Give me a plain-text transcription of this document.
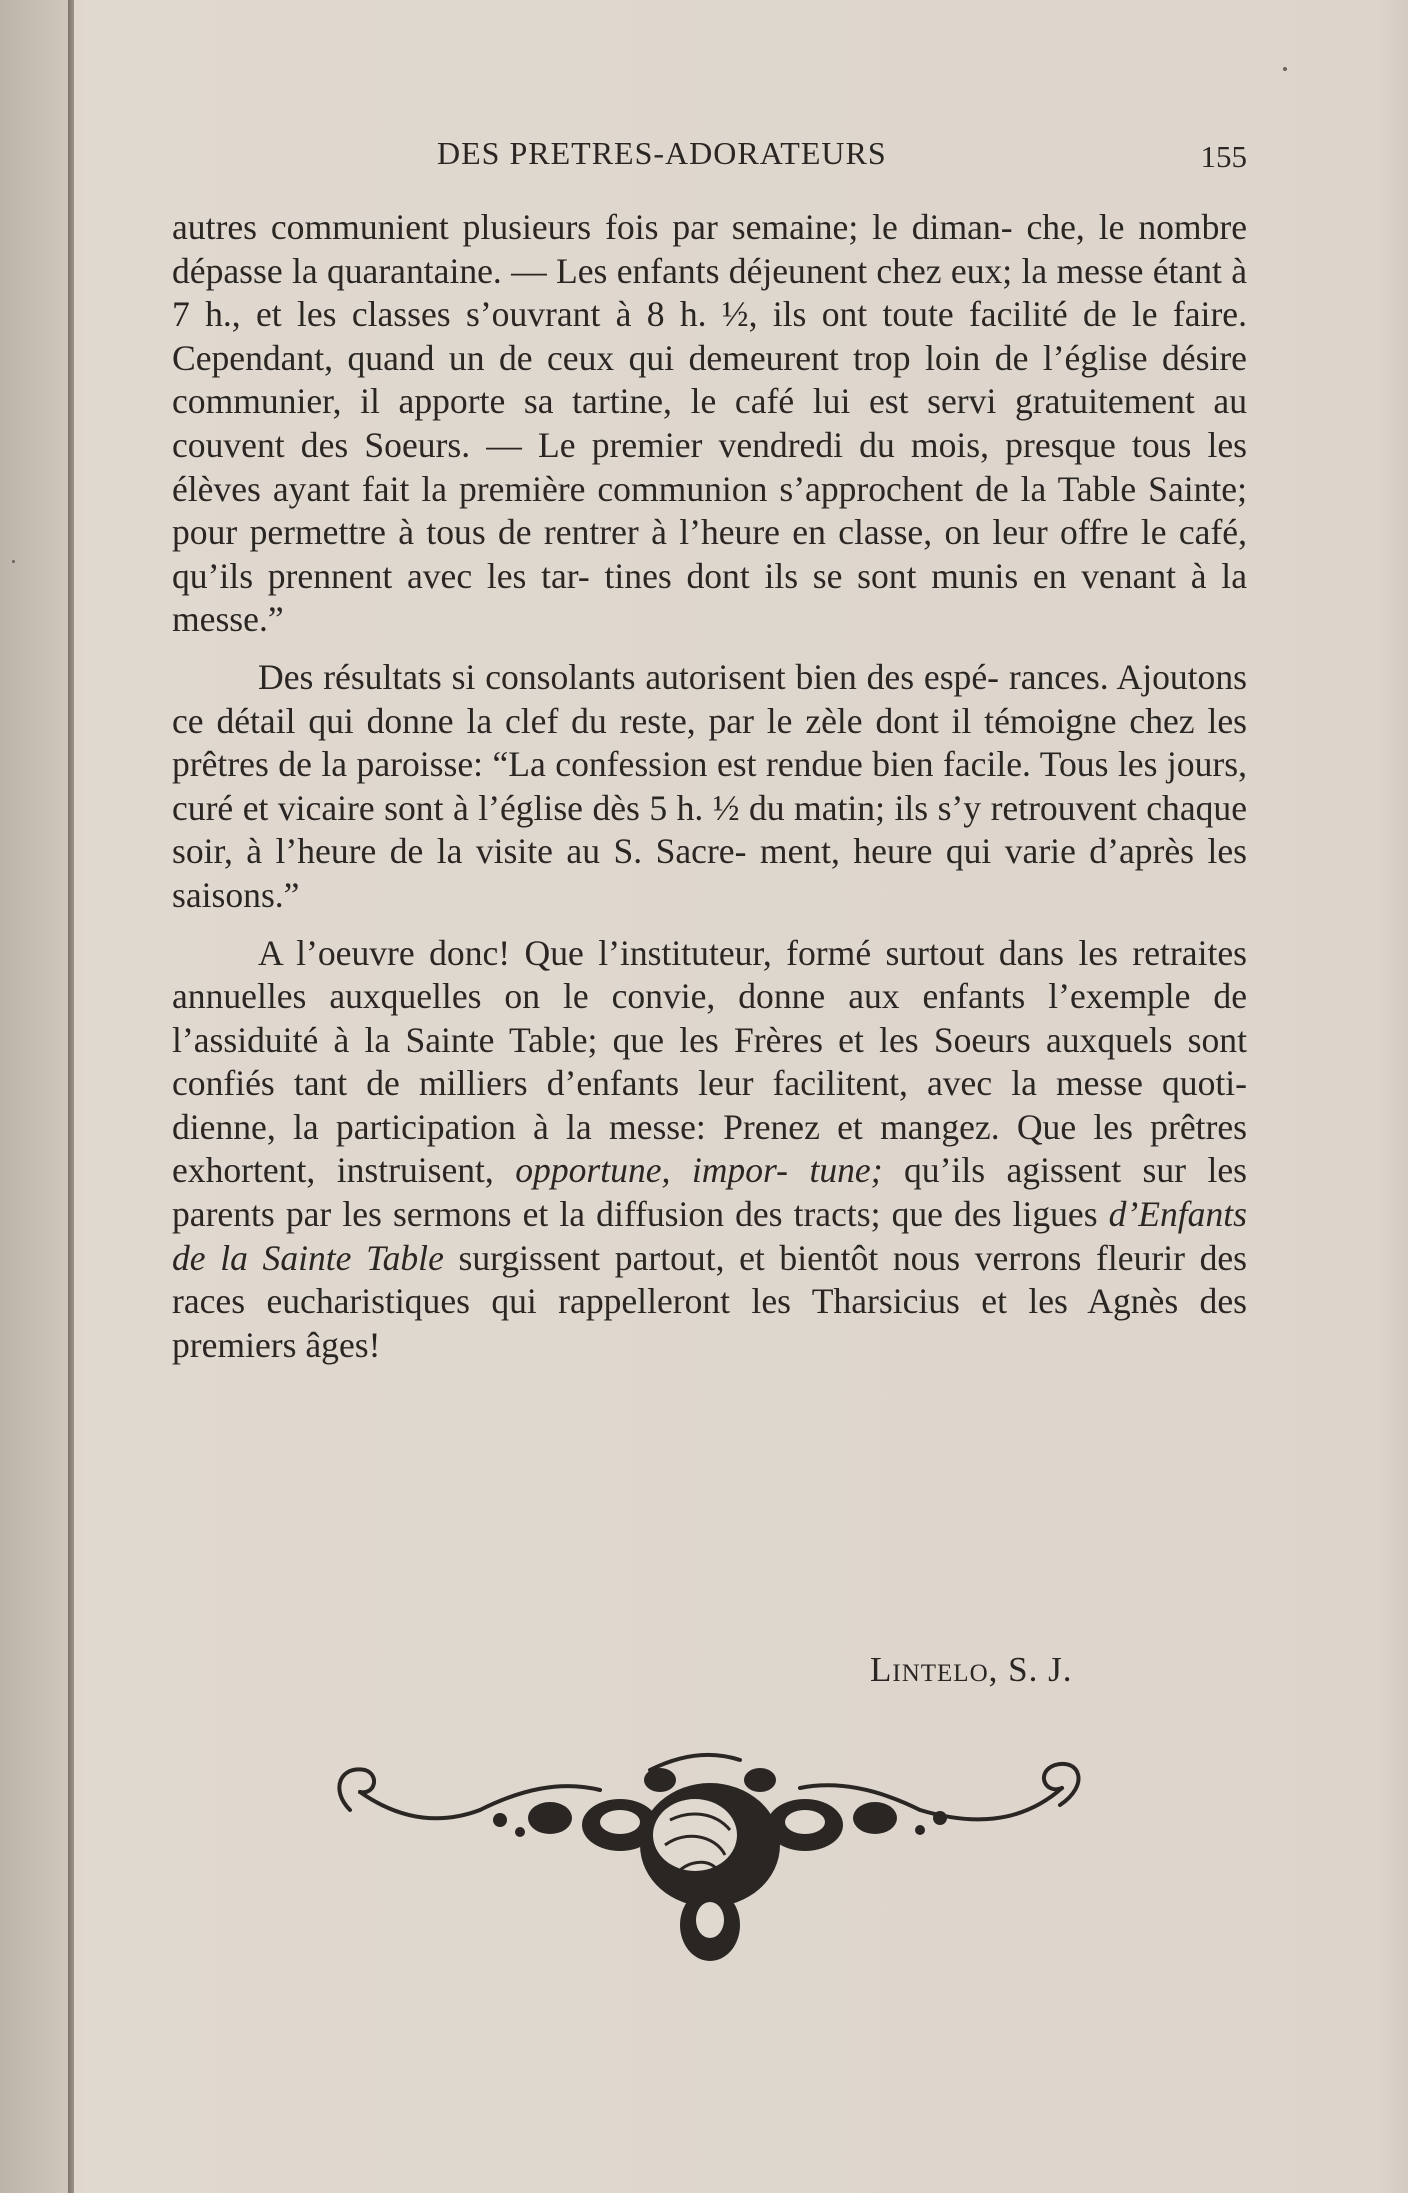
DES PRETRES-ADORATEURS	155

autres communient plusieurs fois par semaine; le diman- che, le nombre dépasse la quarantaine. — Les enfants déjeunent chez eux; la messe étant à 7 h., et les classes s’ouvrant à 8 h. ½, ils ont toute facilité de le faire. Cependant, quand un de ceux qui demeurent trop loin de l’église désire communier, il apporte sa tartine, le café lui est servi gratuitement au couvent des Soeurs. — Le premier vendredi du mois, presque tous les élèves ayant fait la première communion s’approchent de la Table Sainte; pour permettre à tous de rentrer à l’heure en classe, on leur offre le café, qu’ils prennent avec les tar- tines dont ils se sont munis en venant à la messe.”

Des résultats si consolants autorisent bien des espé- rances. Ajoutons ce détail qui donne la clef du reste, par le zèle dont il témoigne chez les prêtres de la paroisse: “La confession est rendue bien facile. Tous les jours, curé et vicaire sont à l’église dès 5 h. ½ du matin; ils s’y retrouvent chaque soir, à l’heure de la visite au S. Sacre- ment, heure qui varie d’après les saisons.”

A l’oeuvre donc! Que l’instituteur, formé surtout dans les retraites annuelles auxquelles on le convie, donne aux enfants l’exemple de l’assiduité à la Sainte Table; que les Frères et les Soeurs auxquels sont confiés tant de milliers d’enfants leur facilitent, avec la messe quoti- dienne, la participation à la messe: Prenez et mangez. Que les prêtres exhortent, instruisent, opportune, impor- tune; qu’ils agissent sur les parents par les sermons et la diffusion des tracts; que des ligues d’Enfants de la Sainte Table surgissent partout, et bientôt nous verrons fleurir des races eucharistiques qui rappelleront les Tharsicius et les Agnès des premiers âges!

Lintelo, S. J.
